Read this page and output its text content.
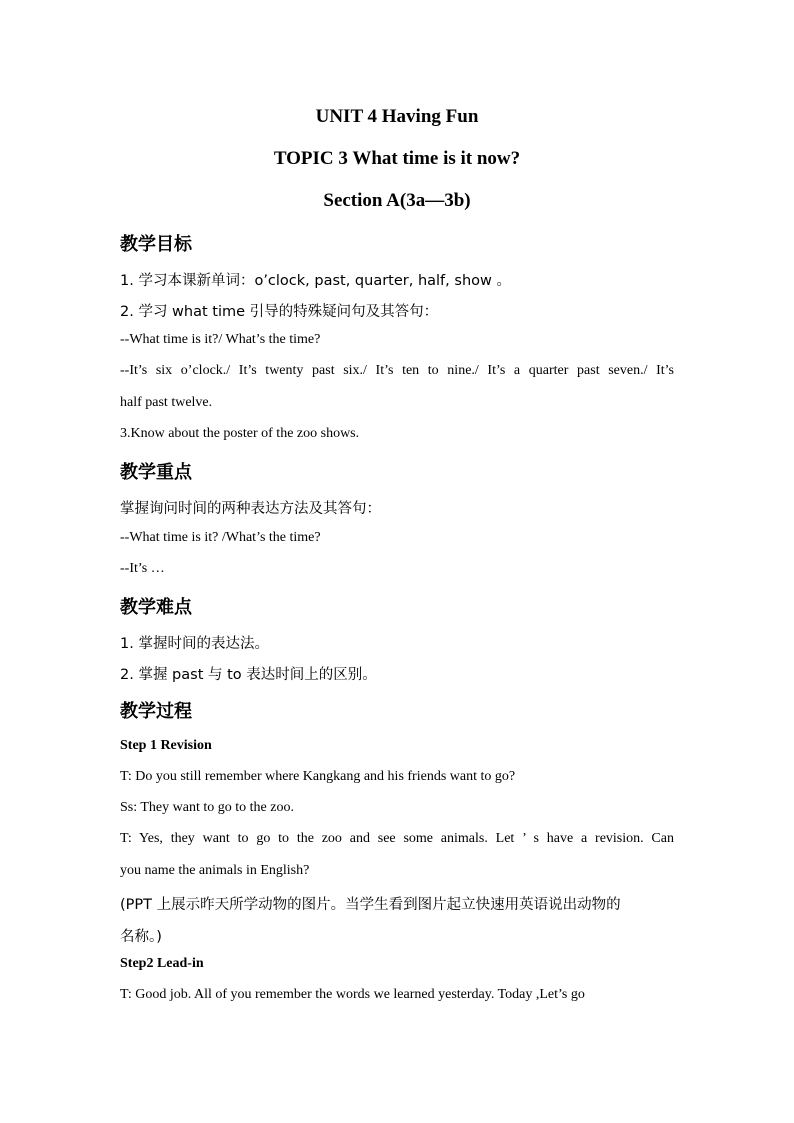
UNIT 4 Having Fun
TOPIC 3 What time is it now?
Section A(3a—3b)
教学目标
1. 学习本课新单词：o’clock, past, quarter, half, show 。
2. 学习 what time 引导的特殊疑问句及其答句：
--What time is it?/ What’s the time?
--It’s six o’clock./ It’s twenty past six./ It’s ten to nine./ It’s a quarter past seven./ It’s
half past twelve.
3.Know about the poster of the zoo shows.
教学重点
掌握询问时间的两种表达方法及其答句：
--What time is it? /What’s the time?
--It’s …
教学难点
1. 掌握时间的表达法。
2. 掌握 past 与 to 表达时间上的区别。
教学过程
Step 1 Revision
T: Do you still remember where Kangkang and his friends want to go?
Ss: They want to go to the zoo.
T: Yes, they want to go to the zoo and see some animals. Let ’ s have a revision. Can
you name the animals in English?
(PPT 上展示昨天所学动物的图片。当学生看到图片起立快速用英语说出动物的
名称。)
Step2 Lead-in
T: Good job. All of you remember the words we learned yesterday. Today ,Let’s go
